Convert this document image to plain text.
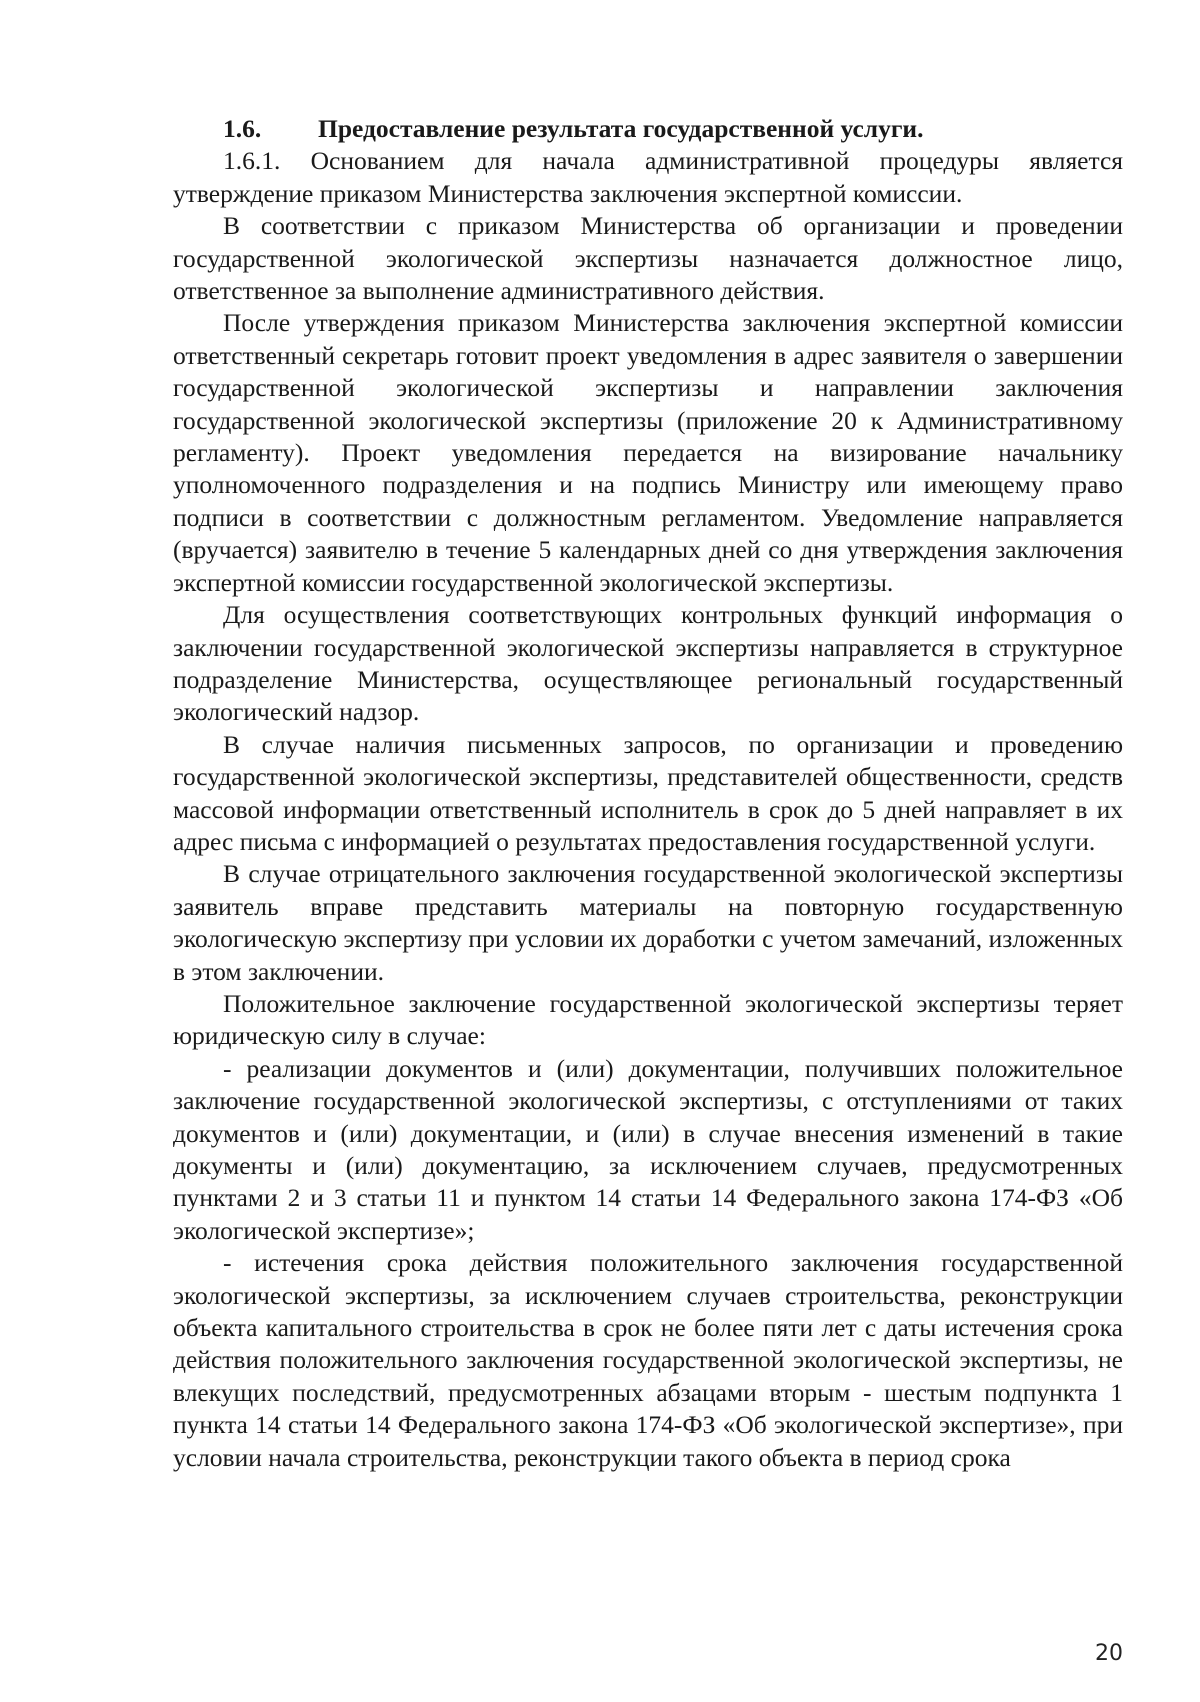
1.6. Предоставление результата государственной услуги.

1.6.1. Основанием для начала административной процедуры является утверждение приказом Министерства заключения экспертной комиссии.

В соответствии с приказом Министерства об организации и проведении государственной экологической экспертизы назначается должностное лицо, ответственное за выполнение административного действия.

После утверждения приказом Министерства заключения экспертной комиссии ответственный секретарь готовит проект уведомления в адрес заявителя о завершении государственной экологической экспертизы и направлении заключения государственной экологической экспертизы (приложение 20 к Административному регламенту). Проект уведомления передается на визирование начальнику уполномоченного подразделения и на подпись Министру или имеющему право подписи в соответствии с должностным регламентом. Уведомление направляется (вручается) заявителю в течение 5 календарных дней со дня утверждения заключения экспертной комиссии государственной экологической экспертизы.

Для осуществления соответствующих контрольных функций информация о заключении государственной экологической экспертизы направляется в структурное подразделение Министерства, осуществляющее региональный государственный экологический надзор.

В случае наличия письменных запросов, по организации и проведению государственной экологической экспертизы, представителей общественности, средств массовой информации ответственный исполнитель в срок до 5 дней направляет в их адрес письма с информацией о результатах предоставления государственной услуги.

В случае отрицательного заключения государственной экологической экспертизы заявитель вправе представить материалы на повторную государственную экологическую экспертизу при условии их доработки с учетом замечаний, изложенных в этом заключении.

Положительное заключение государственной экологической экспертизы теряет юридическую силу в случае:

- реализации документов и (или) документации, получивших положительное заключение государственной экологической экспертизы, с отступлениями от таких документов и (или) документации, и (или) в случае внесения изменений в такие документы и (или) документацию, за исключением случаев, предусмотренных пунктами 2 и 3 статьи 11 и пунктом 14 статьи 14 Федерального закона 174-ФЗ «Об экологической экспертизе»;

- истечения срока действия положительного заключения государственной экологической экспертизы, за исключением случаев строительства, реконструкции объекта капитального строительства в срок не более пяти лет с даты истечения срока действия положительного заключения государственной экологической экспертизы, не влекущих последствий, предусмотренных абзацами вторым - шестым подпункта 1 пункта 14 статьи 14 Федерального закона 174-ФЗ «Об экологической экспертизе», при условии начала строительства, реконструкции такого объекта в период срока

20
